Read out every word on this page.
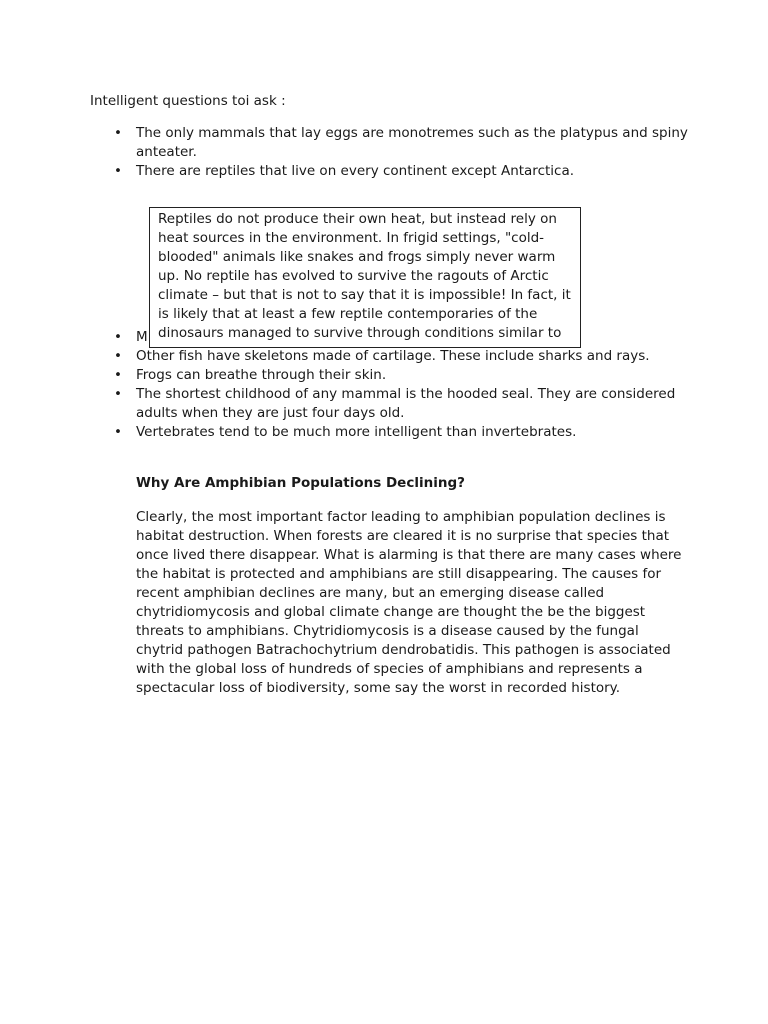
Intelligent questions toi ask :

• The only mammals that lay eggs are monotremes such as the platypus and spiny anteater.
• There are reptiles that live on every continent except Antarctica.
Reptiles do not produce their own heat, but instead rely on heat sources in the environment. In frigid settings, "cold-blooded" animals like snakes and frogs simply never warm up. No reptile has evolved to survive the ragouts of Arctic climate – but that is not to say that it is impossible! In fact, it is likely that at least a few reptile contemporaries of the dinosaurs managed to survive through conditions similar to
• M
• Other fish have skeletons made of cartilage. These include sharks and rays.
• Frogs can breathe through their skin.
• The shortest childhood of any mammal is the hooded seal. They are considered adults when they are just four days old.
• Vertebrates tend to be much more intelligent than invertebrates.
Why Are Amphibian Populations Declining?

Clearly, the most important factor leading to amphibian population declines is habitat destruction. When forests are cleared it is no surprise that species that once lived there disappear. What is alarming is that there are many cases where the habitat is protected and amphibians are still disappearing. The causes for recent amphibian declines are many, but an emerging disease called chytridiomycosis and global climate change are thought the be the biggest threats to amphibians. Chytridiomycosis is a disease caused by the fungal chytrid pathogen Batrachochytrium dendrobatidis. This pathogen is associated with the global loss of hundreds of species of amphibians and represents a spectacular loss of biodiversity, some say the worst in recorded history.
